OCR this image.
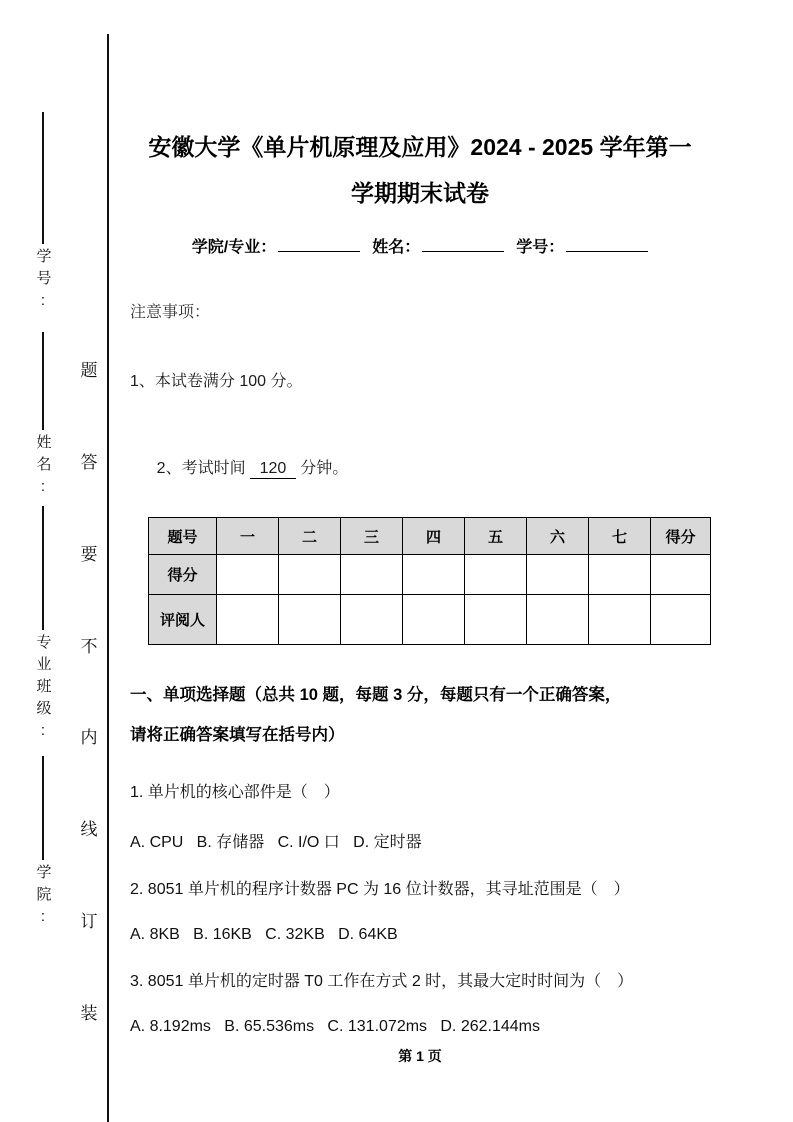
学号:
姓名:
专业班级:
学院:
题
答
要
不
内
线
订
装
安徽大学《单片机原理及应用》2024 - 2025 学年第一
学期期末试卷
学院/专业：	姓名：	学号：
注意事项：
1、本试卷满分 100 分。

2、考试时间 120 分钟。

题号	一	二	三	四	五	六	七	得分
得分								
评阅人								
一、单项选择题（总共 10 题，每题 3 分，每题只有一个正确答案，
请将正确答案填写在括号内）
1. 单片机的核心部件是（　）
A. CPU   B. 存储器   C. I/O 口   D. 定时器
2. 8051 单片机的程序计数器 PC 为 16 位计数器，其寻址范围是（　）
A. 8KB   B. 16KB   C. 32KB   D. 64KB
3. 8051 单片机的定时器 T0 工作在方式 2 时，其最大定时时间为（　）
A. 8.192ms   B. 65.536ms   C. 131.072ms   D. 262.144ms
第 1 页
